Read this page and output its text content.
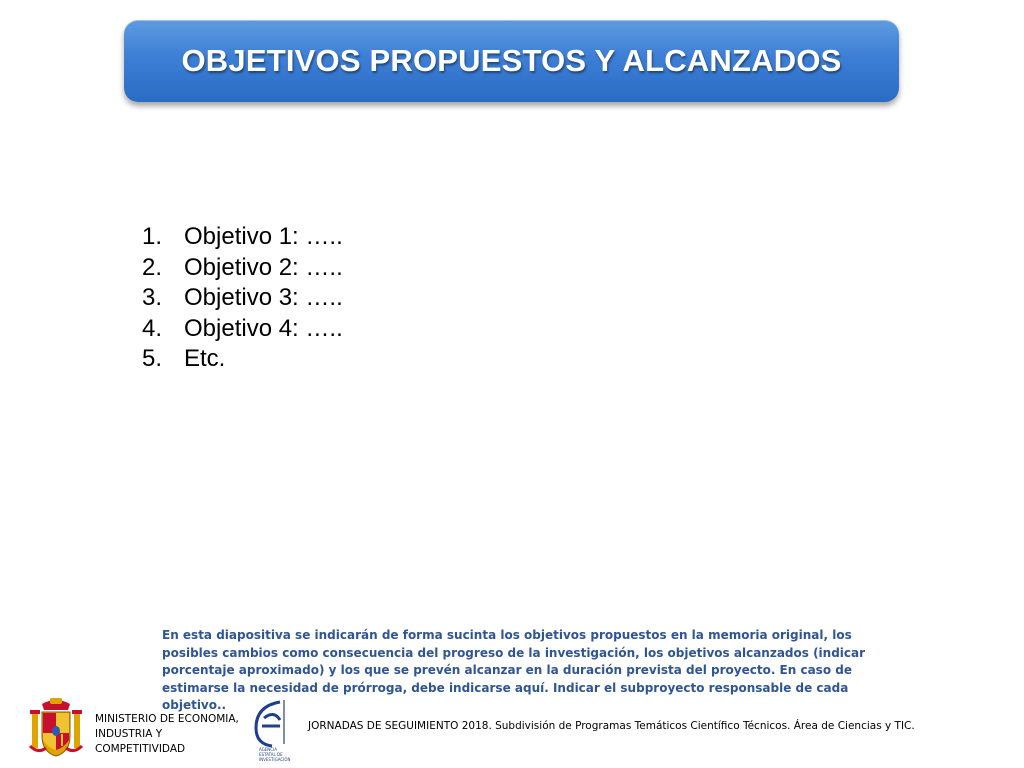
OBJETIVOS PROPUESTOS Y ALCANZADOS
1. Objetivo 1: …..
2. Objetivo 2: …..
3. Objetivo 3: …..
4. Objetivo 4: …..
5. Etc.
En esta diapositiva se indicarán de forma sucinta los objetivos propuestos en la memoria original, los posibles cambios como consecuencia del progreso de la investigación, los objetivos alcanzados (indicar porcentaje aproximado) y los que se prevén alcanzar en la duración prevista del proyecto. En caso de estimarse la necesidad de prórroga, debe indicarse aquí. Indicar el subproyecto responsable de cada objetivo..
MINISTERIO DE ECONOMIA,
INDUSTRIA Y
COMPETITIVIDAD	AGENCIA
ESTATAL DE
INVESTIGACIÓN
JORNADAS DE SEGUIMIENTO 2018. Subdivisión de Programas Temáticos Científico Técnicos. Área de Ciencias y TIC.
